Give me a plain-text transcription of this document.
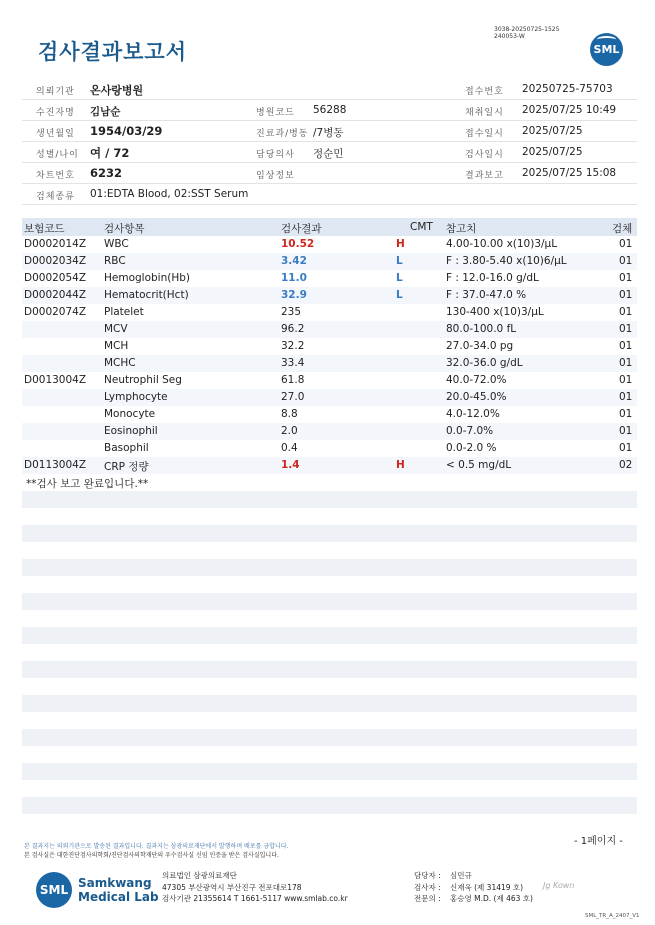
검사결과보고서
3038-20250725-1525
240053-W
SML
의뢰기관 온사랑병원	접수번호 20250725-75703
수진자명 김남순	병원코드 56288	채취일시 2025/07/25 10:49
생년월일 1954/03/29	진료과/병동 /7병동	접수일시 2025/07/25
성별/나이 여 / 72	담당의사 정순민	검사일시 2025/07/25
차트번호 6232	임상정보	결과보고 2025/07/25 15:08
검체종류 01:EDTA Blood, 02:SST Serum
보험코드	검사항목	검사결과	CMT 참고치	검체
D0002014Z WBC	10.52	H	4.00-10.00 x(10)3/μL	01
D0002034Z RBC	3.42	L	F : 3.80-5.40 x(10)6/μL	01
D0002054Z Hemoglobin(Hb)	11.0	L	F : 12.0-16.0 g/dL	01
D0002044Z Hematocrit(Hct)	32.9	L	F : 37.0-47.0 %	01
D0002074Z Platelet	235	130-400 x(10)3/μL	01
MCV	96.2	80.0-100.0 fL	01
MCH	32.2	27.0-34.0 pg	01
MCHC	33.4	32.0-36.0 g/dL	01
D0013004Z Neutrophil Seg	61.8	40.0-72.0%	01
Lymphocyte	27.0	20.0-45.0%	01
Monocyte	8.8	4.0-12.0%	01
Eosinophil	2.0	0.0-7.0%	01
Basophil	0.4	0.0-2.0 %	01
D0113004Z CRP 정량	1.4	H	< 0.5 mg/dL	02
**검사 보고 완료입니다.**
- 1페이지 -
본 결과지는 의뢰기관으로 발송된 결과입니다. 결과지는 삼광의료재단에서 발행하며 배포를 금합니다.
본 검사실은 대한진단검사의학회/진단검사의학재단의 우수검사실 신임 인증을 받은 검사실입니다.
SML Samkwang
Medical Lab
의료법인 삼광의료재단
47305 부산광역시 부산진구 전포대로178
검사기관 21355614 T 1661-5117 www.smlab.co.kr
담당자 : 심민규
검사자 : 신재욱 (제 31419 호)
전문의 : 홍승영 M.D. (제 463 호)
Jg Kown
SML_TR_A_2407_V1
